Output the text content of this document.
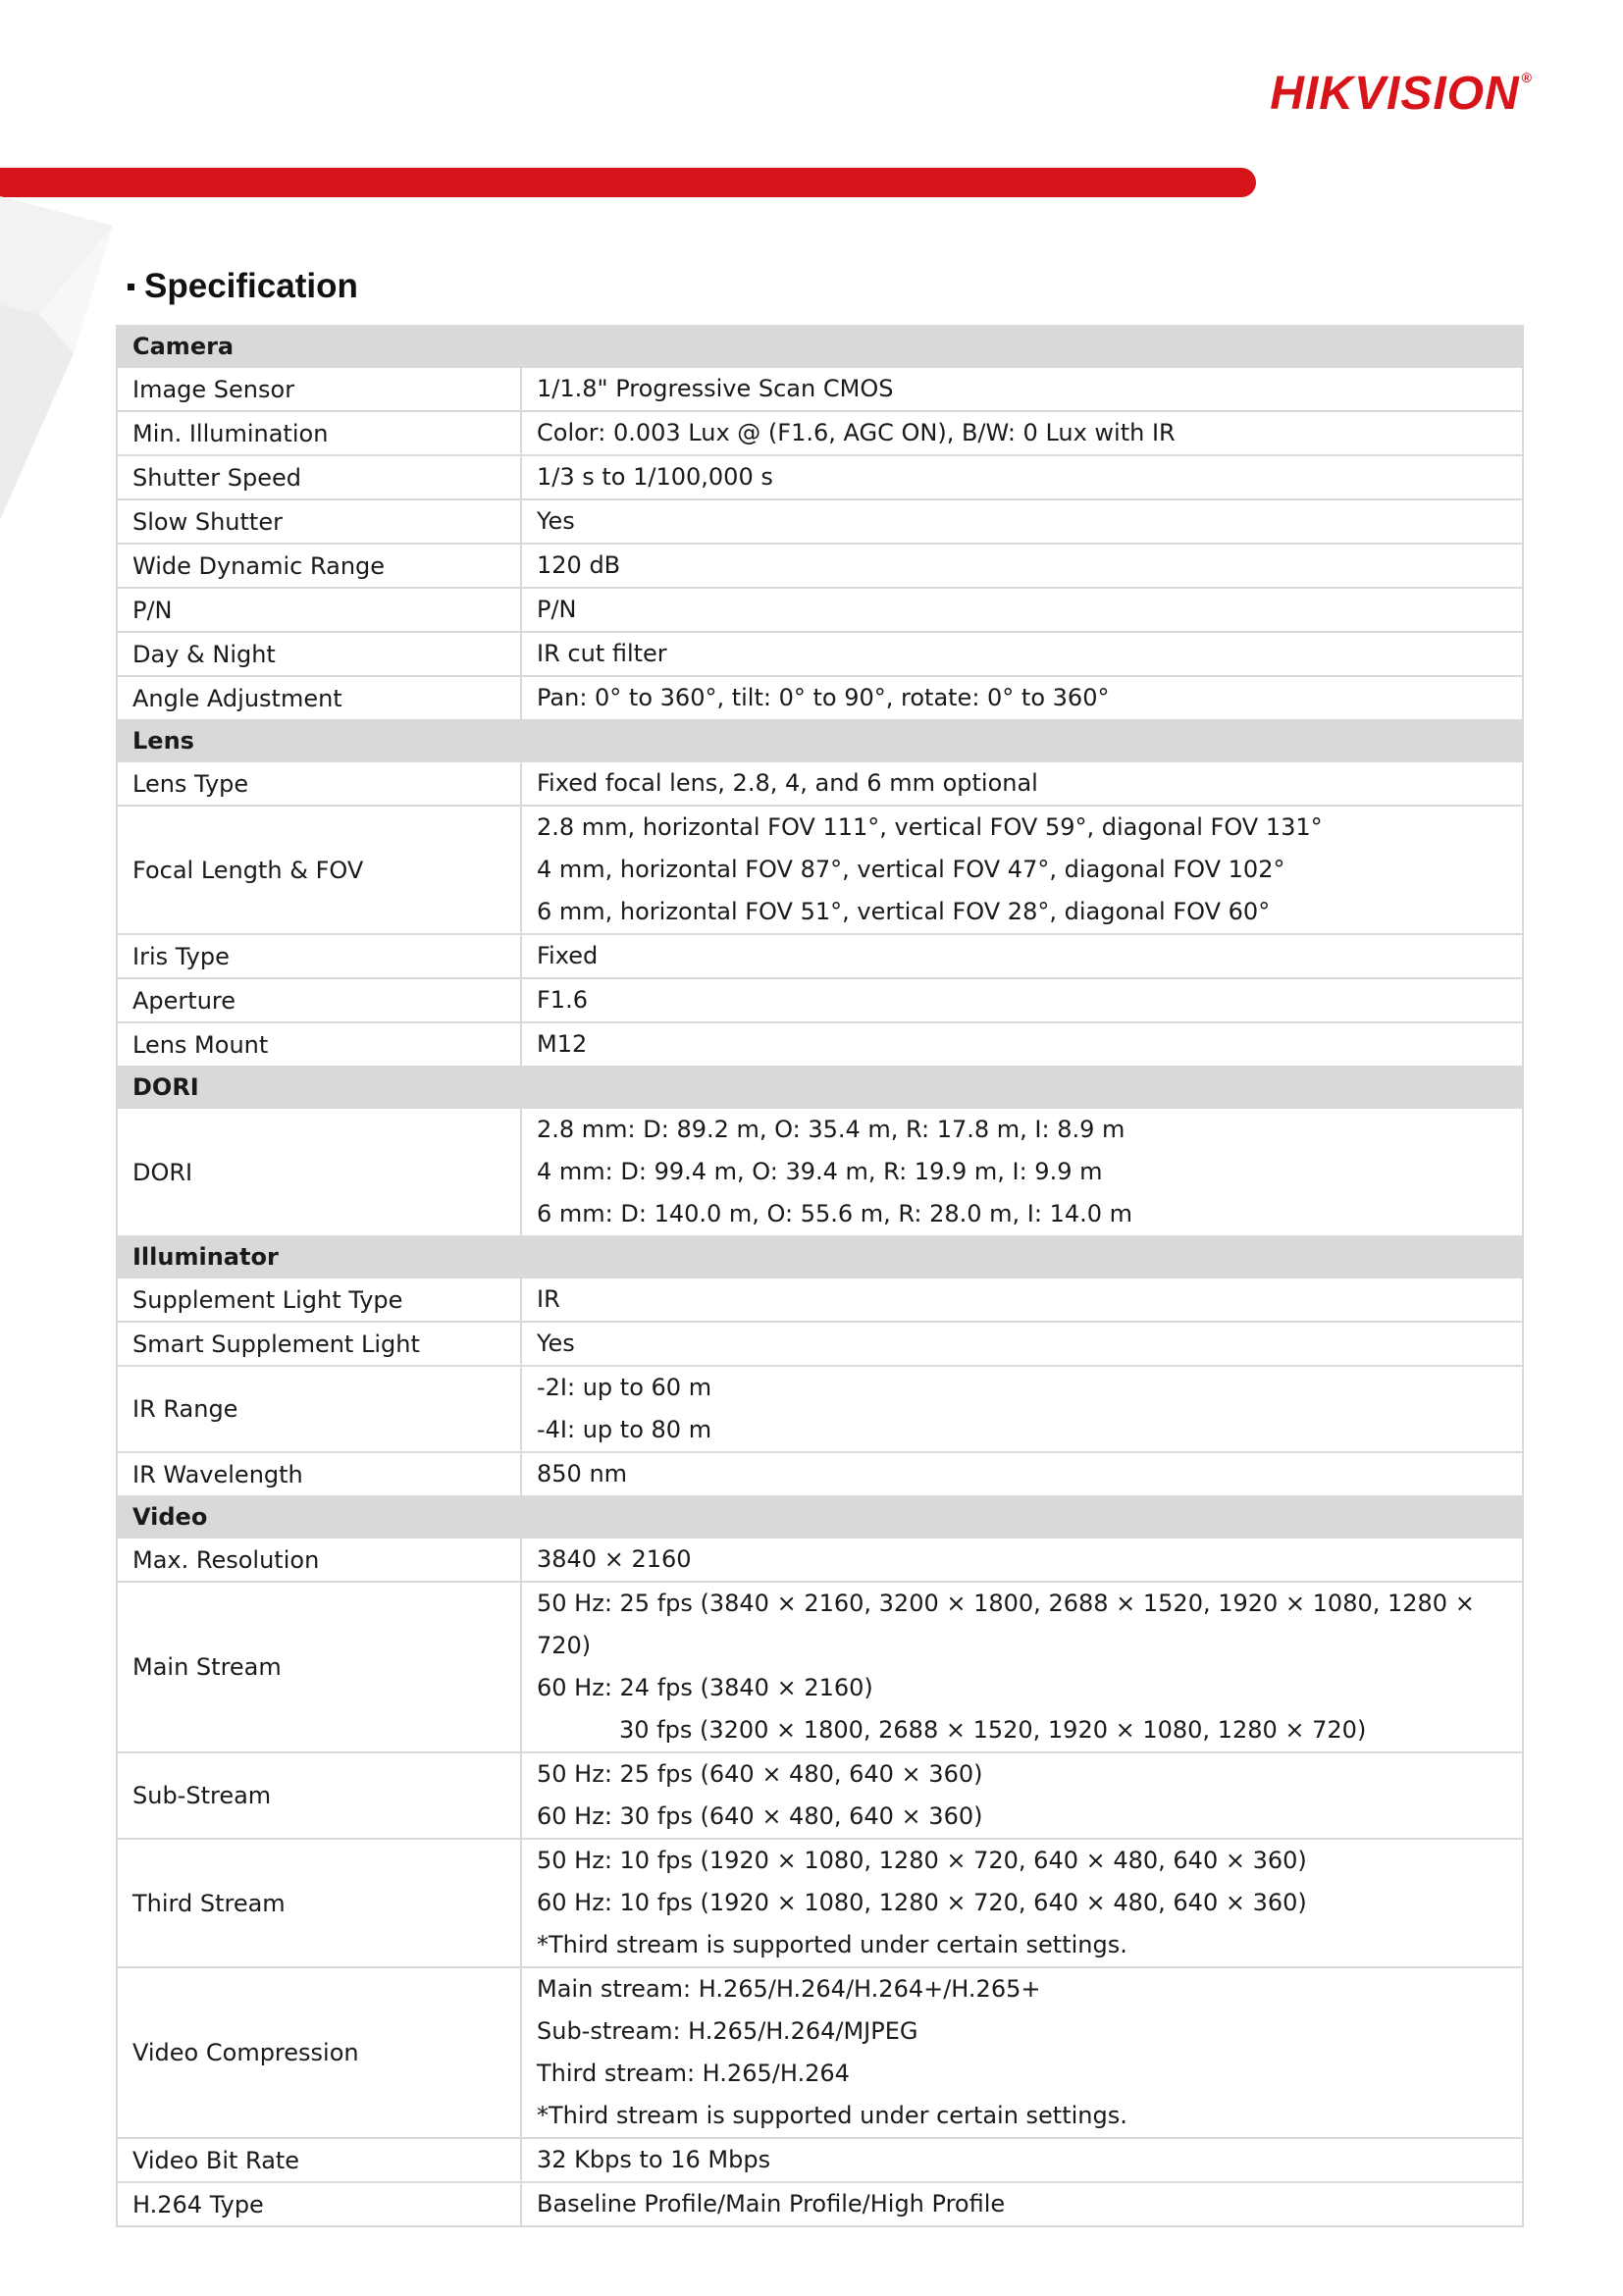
HIKVISION ®
Specification
Camera	
Image Sensor	1/1.8" Progressive Scan CMOS

Min. Illumination	Color: 0.003 Lux @ (F1.6, AGC ON), B/W: 0 Lux with IR

Shutter Speed	1/3 s to 1/100,000 s

Slow Shutter	Yes

Wide Dynamic Range	120 dB

P/N	P/N

Day & Night	IR cut filter

Angle Adjustment	Pan: 0° to 360°, tilt: 0° to 90°, rotate: 0° to 360°

Lens	
Lens Type	Fixed focal lens, 2.8, 4, and 6 mm optional

Focal Length & FOV	2.8 mm, horizontal FOV 111°, vertical FOV 59°, diagonal FOV 131°
4 mm, horizontal FOV 87°, vertical FOV 47°, diagonal FOV 102°
6 mm, horizontal FOV 51°, vertical FOV 28°, diagonal FOV 60°

Iris Type	Fixed

Aperture	F1.6

Lens Mount	M12

DORI	
DORI	2.8 mm: D: 89.2 m, O: 35.4 m, R: 17.8 m, I: 8.9 m
4 mm: D: 99.4 m, O: 39.4 m, R: 19.9 m, I: 9.9 m
6 mm: D: 140.0 m, O: 55.6 m, R: 28.0 m, I: 14.0 m

Illuminator	
Supplement Light Type	IR

Smart Supplement Light	Yes

IR Range	-2I: up to 60 m
-4I: up to 80 m

IR Wavelength	850 nm

Video	
Max. Resolution	3840 × 2160

Main Stream	50 Hz: 25 fps (3840 × 2160, 3200 × 1800, 2688 × 1520, 1920 × 1080, 1280 × 720)
60 Hz: 24 fps (3840 × 2160)
30 fps (3200 × 1800, 2688 × 1520, 1920 × 1080, 1280 × 720)

Sub-Stream	50 Hz: 25 fps (640 × 480, 640 × 360)
60 Hz: 30 fps (640 × 480, 640 × 360)

Third Stream	50 Hz: 10 fps (1920 × 1080, 1280 × 720, 640 × 480, 640 × 360)
60 Hz: 10 fps (1920 × 1080, 1280 × 720, 640 × 480, 640 × 360)
*Third stream is supported under certain settings.

Video Compression	Main stream: H.265/H.264/H.264+/H.265+
Sub-stream: H.265/H.264/MJPEG
Third stream: H.265/H.264
*Third stream is supported under certain settings.

Video Bit Rate	32 Kbps to 16 Mbps

H.264 Type	Baseline Profile/Main Profile/High Profile
